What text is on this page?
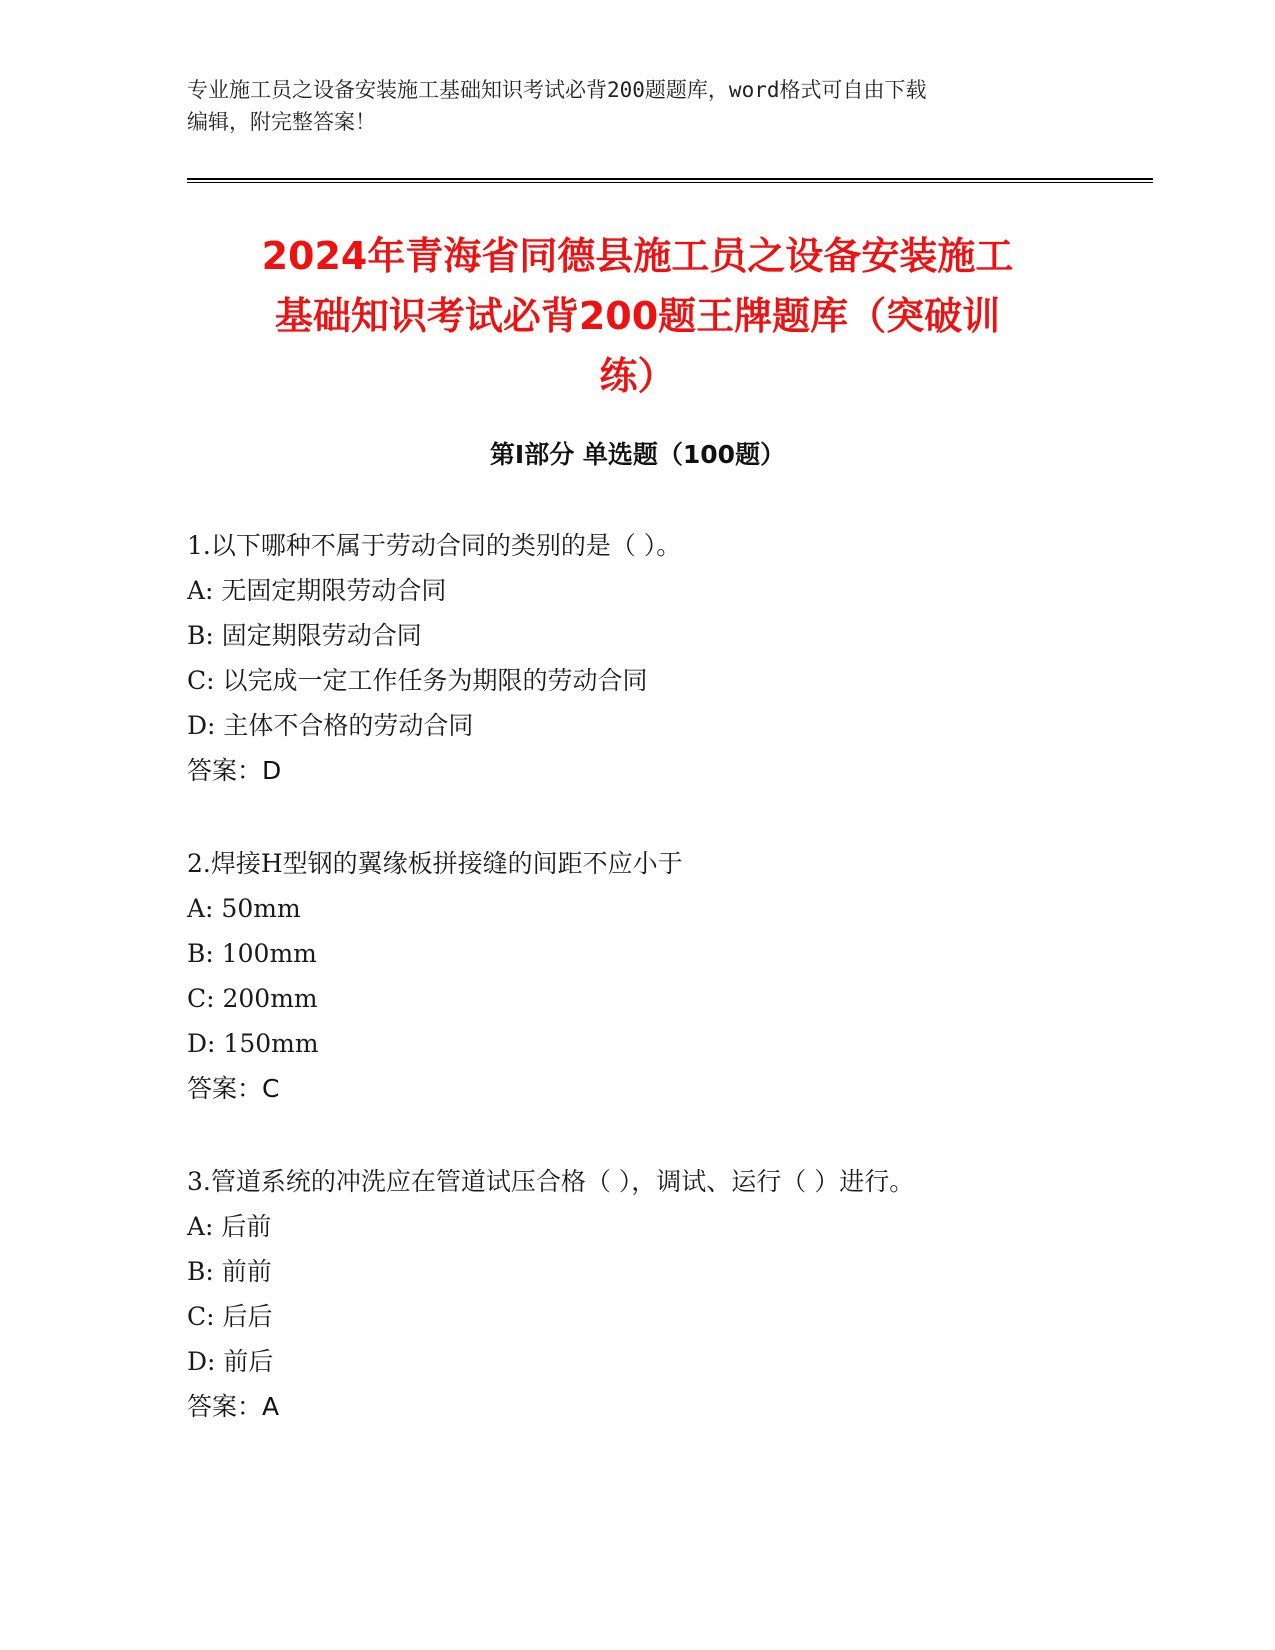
专业施工员之设备安装施工基础知识考试必背200题题库，word格式可自由下载
编辑，附完整答案！

2024年青海省同德县施工员之设备安装施工
基础知识考试必背200题王牌题库（突破训
练）
第Ⅰ部分 单选题（100题）
1.以下哪种不属于劳动合同的类别的是（ ）。
A: 无固定期限劳动合同
B: 固定期限劳动合同
C: 以完成一定工作任务为期限的劳动合同
D: 主体不合格的劳动合同
答案：D
2.焊接H型钢的翼缘板拼接缝的间距不应小于
A: 50mm
B: 100mm
C: 200mm
D: 150mm
答案：C
3.管道系统的冲洗应在管道试压合格（ ），调试、运行（ ）进行。
A: 后前
B: 前前
C: 后后
D: 前后
答案：A
